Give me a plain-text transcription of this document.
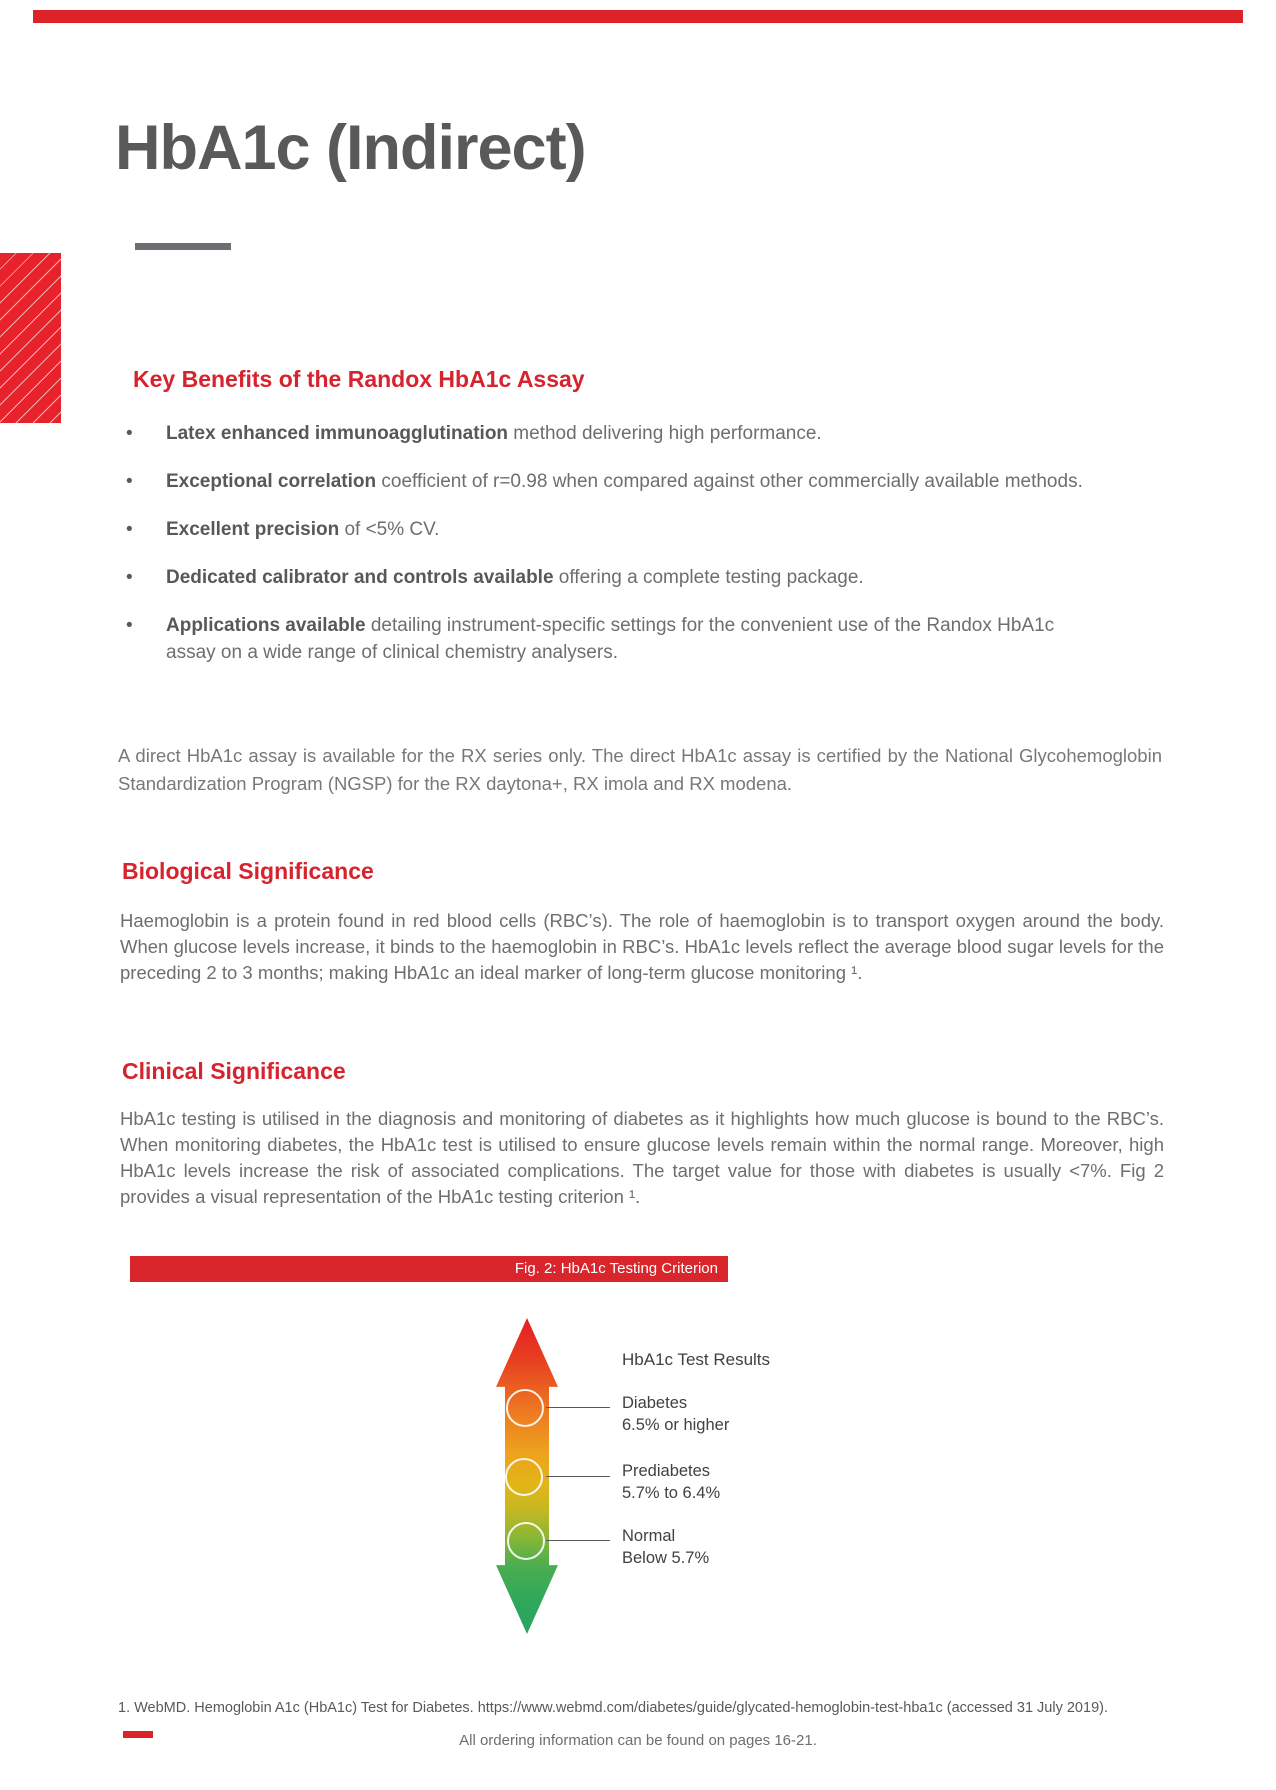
HbA1c (Indirect)
Key Benefits of the Randox HbA1c Assay
•	Latex enhanced immunoagglutination method delivering high performance.
•	Exceptional correlation coefficient of r=0.98 when compared against other commercially available methods.
•	Excellent precision of <5% CV.
•	Dedicated calibrator and controls available offering a complete testing package.
•	Applications available detailing instrument-specific settings for the convenient use of the Randox HbA1c assay on a wide range of clinical chemistry analysers.
A direct HbA1c assay is available for the RX series only. The direct HbA1c assay is certified by the National Glycohemoglobin Standardization Program (NGSP) for the RX daytona+, RX imola and RX modena.
Biological Significance
Haemoglobin is a protein found in red blood cells (RBC’s). The role of haemoglobin is to transport oxygen around the body. When glucose levels increase, it binds to the haemoglobin in RBC’s. HbA1c levels reflect the average blood sugar levels for the preceding 2 to 3 months; making HbA1c an ideal marker of long-term glucose monitoring ¹.
Clinical Significance
HbA1c testing is utilised in the diagnosis and monitoring of diabetes as it highlights how much glucose is bound to the RBC’s. When monitoring diabetes, the HbA1c test is utilised to ensure glucose levels remain within the normal range. Moreover, high HbA1c levels increase the risk of associated complications. The target value for those with diabetes is usually <7%. Fig 2 provides a visual representation of the HbA1c testing criterion ¹.
Fig. 2: HbA1c Testing Criterion
HbA1c Test Results
Diabetes
6.5% or higher
Prediabetes
5.7% to 6.4%
Normal
Below 5.7%
1. WebMD. Hemoglobin A1c (HbA1c) Test for Diabetes. https://www.webmd.com/diabetes/guide/glycated-hemoglobin-test-hba1c (accessed 31 July 2019).
All ordering information can be found on pages 16-21.
